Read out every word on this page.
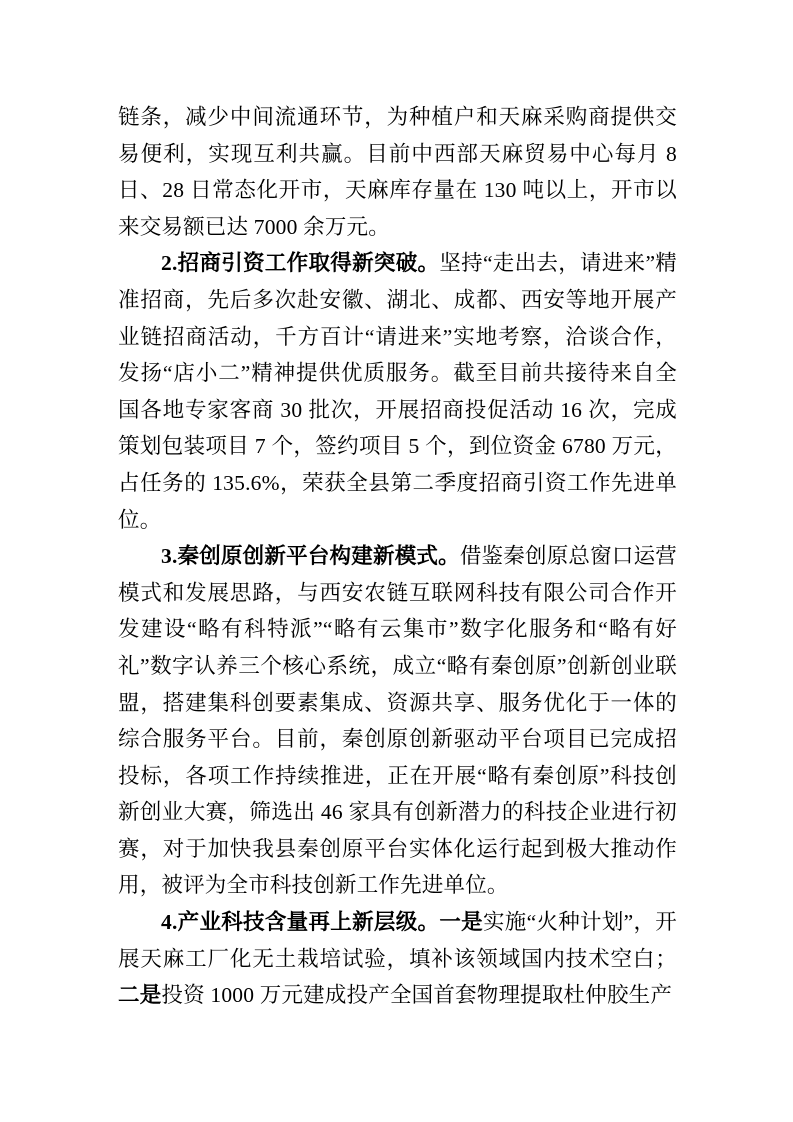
链条，减少中间流通环节，为种植户和天麻采购商提供交易便利，实现互利共赢。目前中西部天麻贸易中心每月 8 日、28 日常态化开市，天麻库存量在 130 吨以上，开市以来交易额已达 7000 余万元。

2.招商引资工作取得新突破。坚持“走出去，请进来”精准招商，先后多次赴安徽、湖北、成都、西安等地开展产业链招商活动，千方百计“请进来”实地考察，洽谈合作，发扬“店小二”精神提供优质服务。截至目前共接待来自全国各地专家客商 30 批次，开展招商投促活动 16 次，完成策划包装项目 7 个，签约项目 5 个，到位资金 6780 万元，占任务的 135.6%，荣获全县第二季度招商引资工作先进单位。

3.秦创原创新平台构建新模式。借鉴秦创原总窗口运营模式和发展思路，与西安农链互联网科技有限公司合作开发建设“略有科特派”“略有云集市”数字化服务和“略有好礼”数字认养三个核心系统，成立“略有秦创原”创新创业联盟，搭建集科创要素集成、资源共享、服务优化于一体的综合服务平台。目前，秦创原创新驱动平台项目已完成招投标，各项工作持续推进，正在开展“略有秦创原”科技创新创业大赛，筛选出 46 家具有创新潜力的科技企业进行初赛，对于加快我县秦创原平台实体化运行起到极大推动作用，被评为全市科技创新工作先进单位。

4.产业科技含量再上新层级。一是实施“火种计划”，开展天麻工厂化无土栽培试验，填补该领域国内技术空白；二是投资 1000 万元建成投产全国首套物理提取杜仲胶生产
